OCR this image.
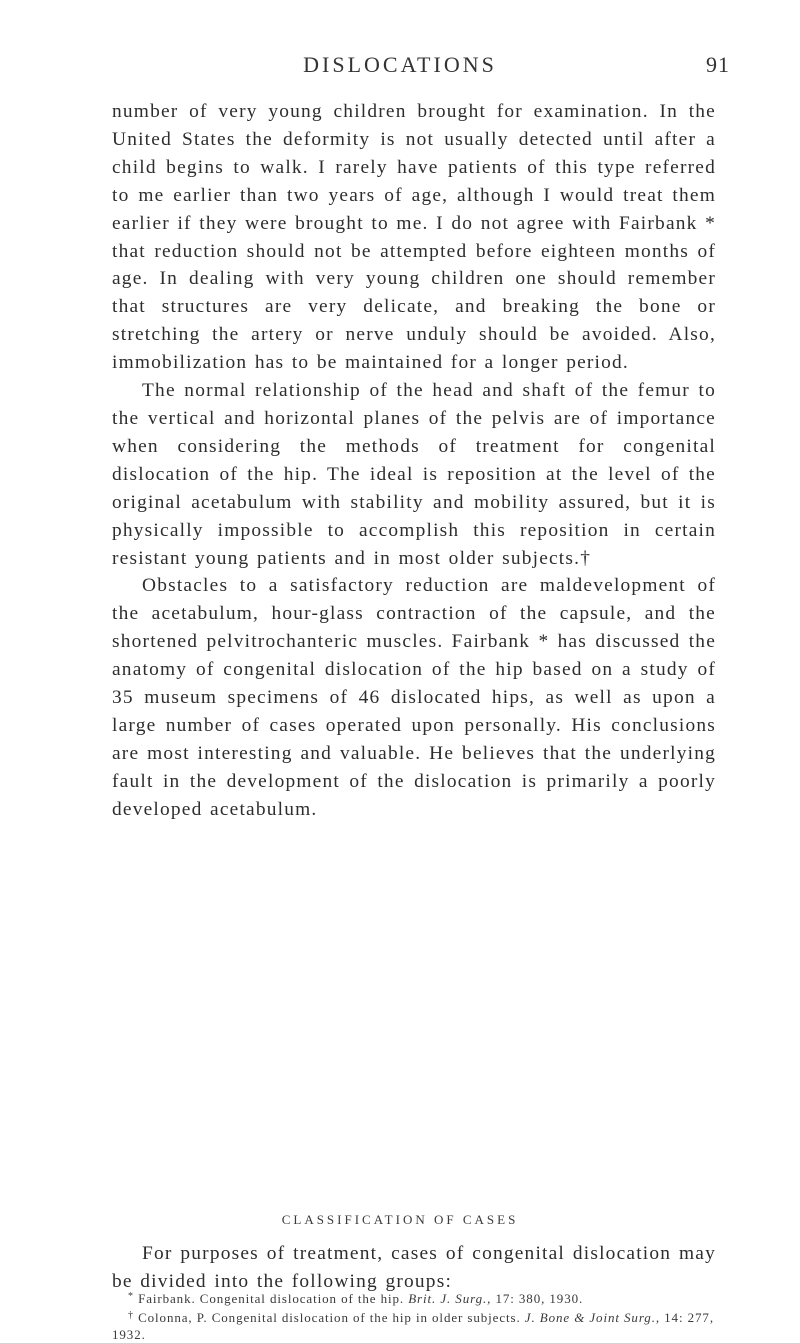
DISLOCATIONS	91

number of very young children brought for examination. In the United States the deformity is not usually detected until after a child begins to walk. I rarely have patients of this type referred to me earlier than two years of age, although I would treat them earlier if they were brought to me. I do not agree with Fairbank * that reduction should not be attempted before eighteen months of age. In dealing with very young children one should remember that structures are very delicate, and breaking the bone or stretching the artery or nerve unduly should be avoided. Also, immobilization has to be maintained for a longer period.

The normal relationship of the head and shaft of the femur to the vertical and horizontal planes of the pelvis are of importance when considering the methods of treatment for congenital dislocation of the hip. The ideal is reposition at the level of the original acetabulum with stability and mobility assured, but it is physically impossible to accomplish this reposition in certain resistant young patients and in most older subjects.†

Obstacles to a satisfactory reduction are maldevelopment of the acetabulum, hour-glass contraction of the capsule, and the shortened pelvitrochanteric muscles. Fairbank * has discussed the anatomy of congenital dislocation of the hip based on a study of 35 museum specimens of 46 dislocated hips, as well as upon a large number of cases operated upon personally. His conclusions are most interesting and valuable. He believes that the underlying fault in the development of the dislocation is primarily a poorly developed acetabulum.

CLASSIFICATION OF CASES

For purposes of treatment, cases of congenital dislocation may be divided into the following groups:

* Fairbank. Congenital dislocation of the hip. Brit. J. Surg., 17: 380, 1930.

† Colonna, P. Congenital dislocation of the hip in older subjects. J. Bone & Joint Surg., 14: 277, 1932.
